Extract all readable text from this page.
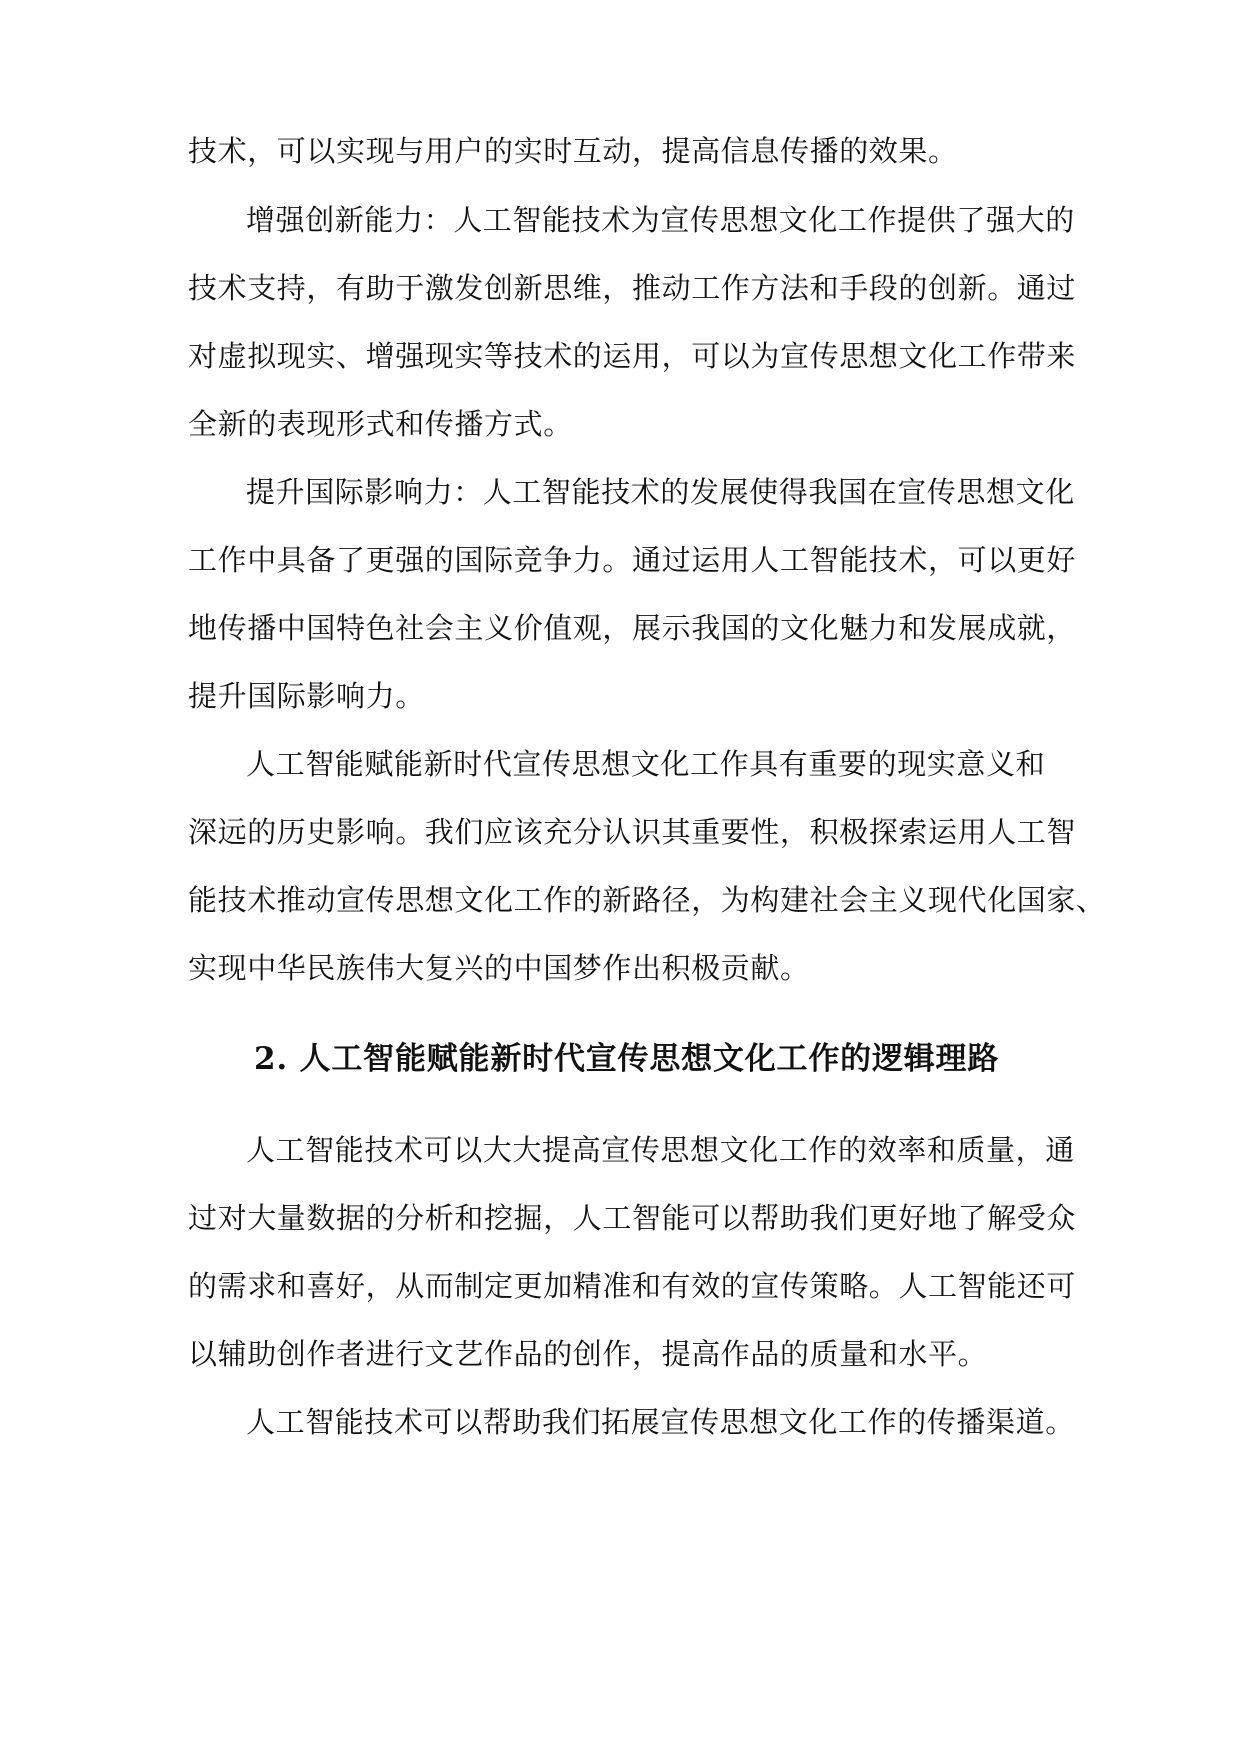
技术，可以实现与用户的实时互动，提高信息传播的效果。
增强创新能力：人工智能技术为宣传思想文化工作提供了强大的
技术支持，有助于激发创新思维，推动工作方法和手段的创新。通过
对虚拟现实、增强现实等技术的运用，可以为宣传思想文化工作带来
全新的表现形式和传播方式。
提升国际影响力：人工智能技术的发展使得我国在宣传思想文化
工作中具备了更强的国际竞争力。通过运用人工智能技术，可以更好
地传播中国特色社会主义价值观，展示我国的文化魅力和发展成就，
提升国际影响力。
人工智能赋能新时代宣传思想文化工作具有重要的现实意义和
深远的历史影响。我们应该充分认识其重要性，积极探索运用人工智
能技术推动宣传思想文化工作的新路径，为构建社会主义现代化国家、
实现中华民族伟大复兴的中国梦作出积极贡献。
2. 人工智能赋能新时代宣传思想文化工作的逻辑理路
人工智能技术可以大大提高宣传思想文化工作的效率和质量，通
过对大量数据的分析和挖掘，人工智能可以帮助我们更好地了解受众
的需求和喜好，从而制定更加精准和有效的宣传策略。人工智能还可
以辅助创作者进行文艺作品的创作，提高作品的质量和水平。
人工智能技术可以帮助我们拓展宣传思想文化工作的传播渠道。
